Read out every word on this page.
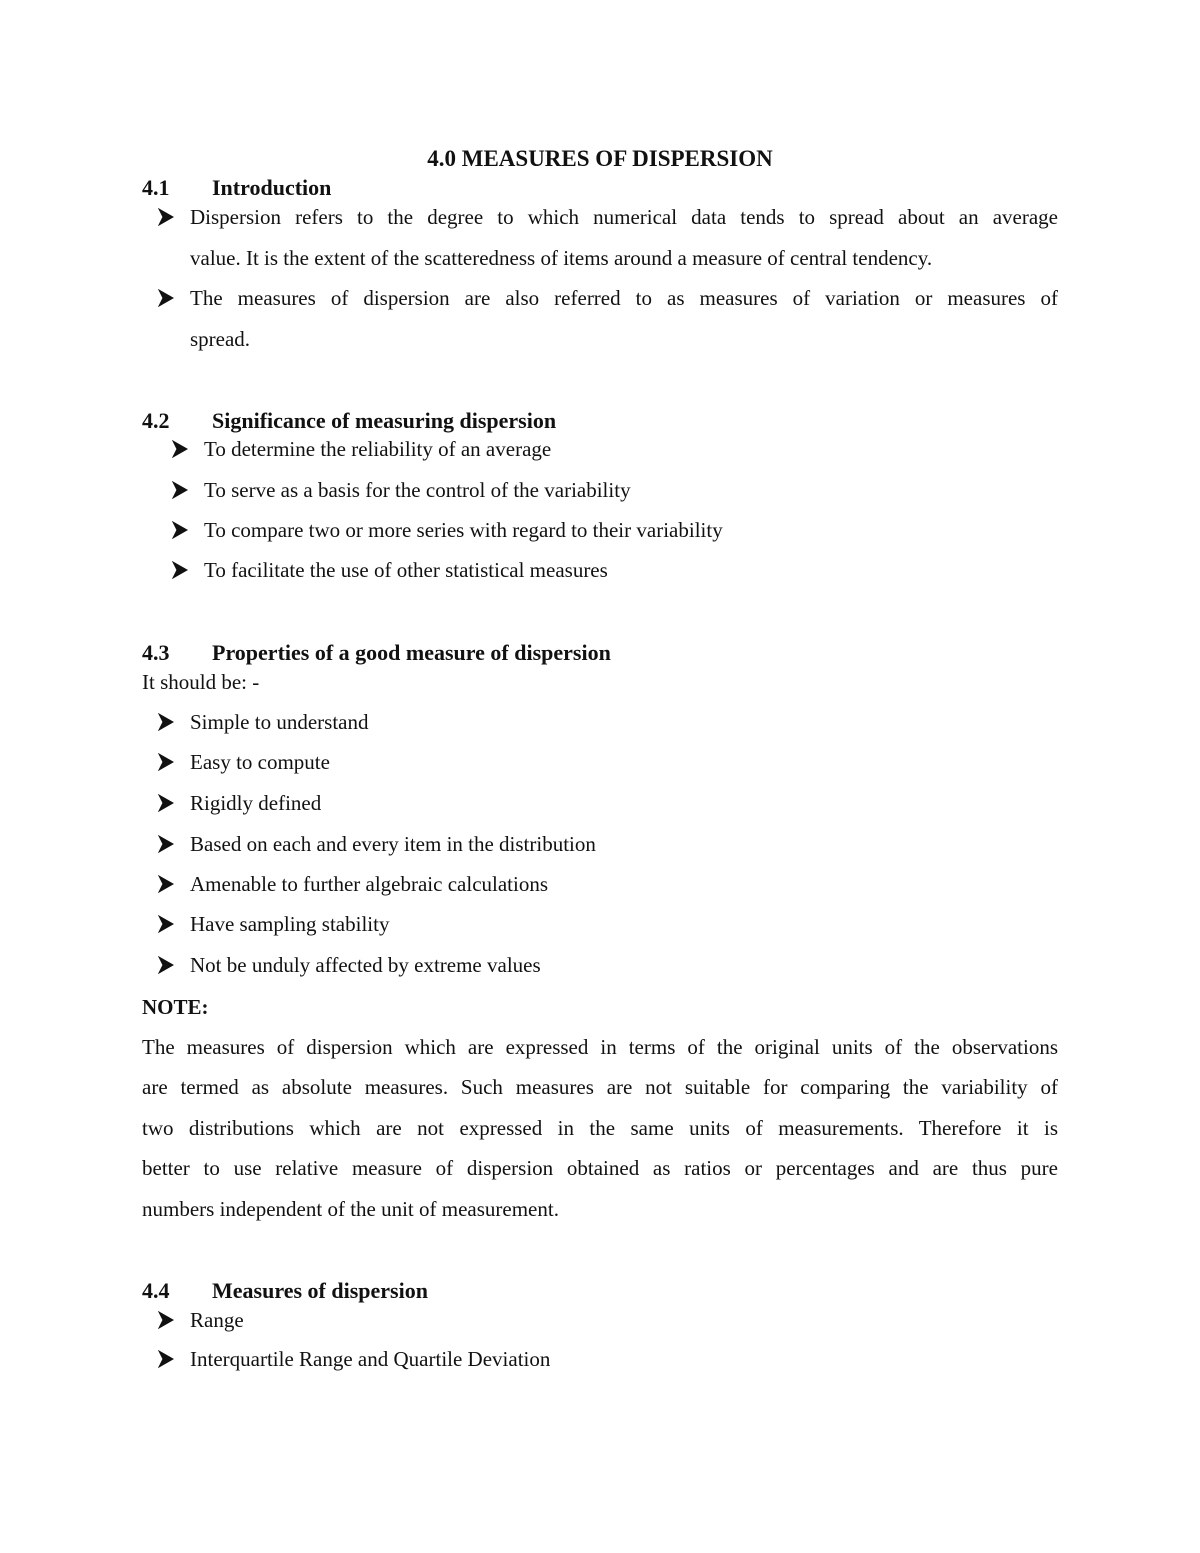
4.0 MEASURES OF DISPERSION
4.1 Introduction
Dispersion refers to the degree to which numerical data tends to spread about an average
value. It is the extent of the scatteredness of items around a measure of central tendency.
The measures of dispersion are also referred to as measures of variation or measures of
spread.
4.2 Significance of measuring dispersion
To determine the reliability of an average
To serve as a basis for the control of the variability
To compare two or more series with regard to their variability
To facilitate the use of other statistical measures
4.3 Properties of a good measure of dispersion
It should be: -
Simple to understand
Easy to compute
Rigidly defined
Based on each and every item in the distribution
Amenable to further algebraic calculations
Have sampling stability
Not be unduly affected by extreme values
NOTE:
The measures of dispersion which are expressed in terms of the original units of the observations
are termed as absolute measures. Such measures are not suitable for comparing the variability of
two distributions which are not expressed in the same units of measurements. Therefore it is
better to use relative measure of dispersion obtained as ratios or percentages and are thus pure
numbers independent of the unit of measurement.
4.4 Measures of dispersion
Range
Interquartile Range and Quartile Deviation
